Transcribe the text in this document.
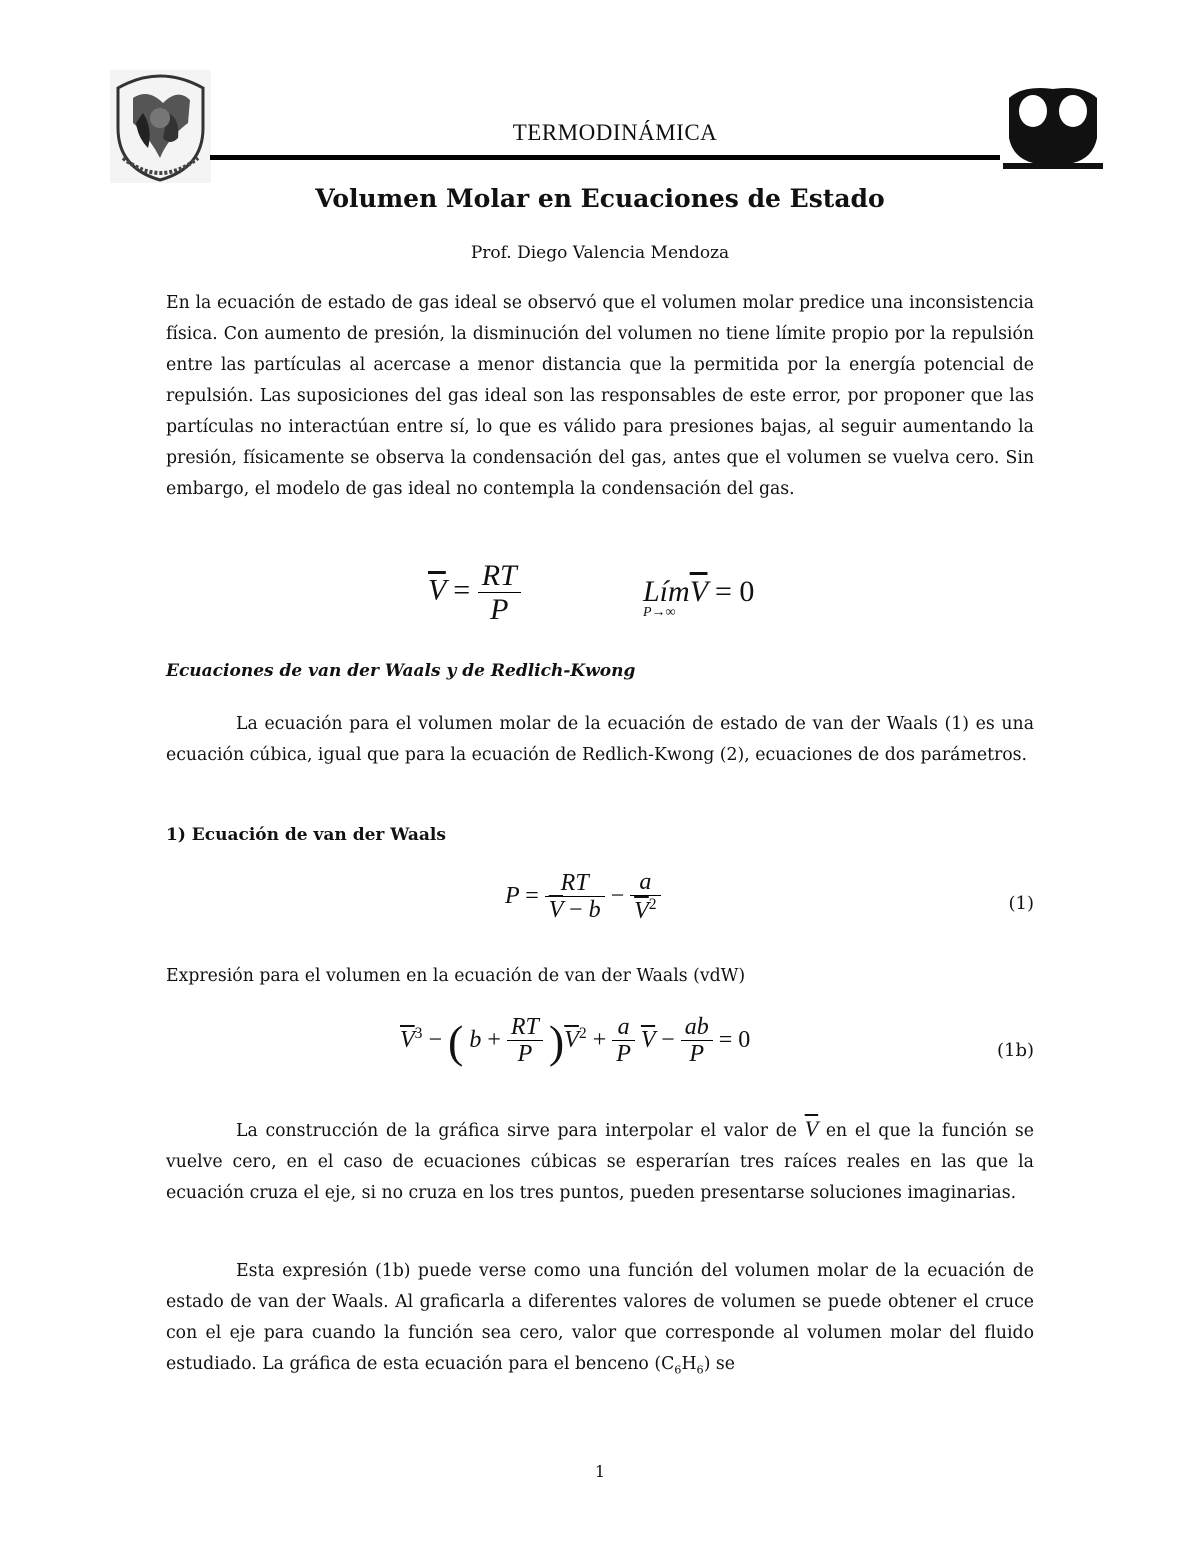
TERMODINÁMICA
Volumen Molar en Ecuaciones de Estado
Prof. Diego Valencia Mendoza
En la ecuación de estado de gas ideal se observó que el volumen molar predice una inconsistencia física. Con aumento de presión, la disminución del volumen no tiene límite propio por la repulsión entre las partículas al acercase a menor distancia que la permitida por la energía potencial de repulsión. Las suposiciones del gas ideal son las responsables de este error, por proponer que las partículas no interactúan entre sí, lo que es válido para presiones bajas, al seguir aumentando la presión, físicamente se observa la condensación del gas, antes que el volumen se vuelva cero. Sin embargo, el modelo de gas ideal no contempla la condensación del gas.
$\overline{V} = \frac{RT}{P}$	$Lím\overline{V} = 0$
P→∞
Ecuaciones de van der Waals y de Redlich-Kwong
La ecuación para el volumen molar de la ecuación de estado de van der Waals (1) es una ecuación cúbica, igual que para la ecuación de Redlich-Kwong (2), ecuaciones de dos parámetros.
1) Ecuación de van der Waals
$P = \frac{RT}{\overline{V} - b} - \frac{a}{\overline{V}^2}$	(1)
Expresión para el volumen en la ecuación de van der Waals (vdW)
$\overline{V}^3$ − ( $b + \frac{RT}{P} )\overline{V}^2 + \frac{a}{P} \overline{V} - \frac{ab}{P} = 0$	(1b)
La construcción de la gráfica sirve para interpolar el valor de $\overline{V}$ en el que la función se vuelve cero, en el caso de ecuaciones cúbicas se esperarían tres raíces reales en las que la ecuación cruza el eje, si no cruza en los tres puntos, pueden presentarse soluciones imaginarias.
Esta expresión (1b) puede verse como una función del volumen molar de la ecuación de estado de van der Waals. Al graficarla a diferentes valores de volumen se puede obtener el cruce con el eje para cuando la función sea cero, valor que corresponde al volumen molar del fluido estudiado. La gráfica de esta ecuación para el benceno $(C_6H_6)$ se
1
